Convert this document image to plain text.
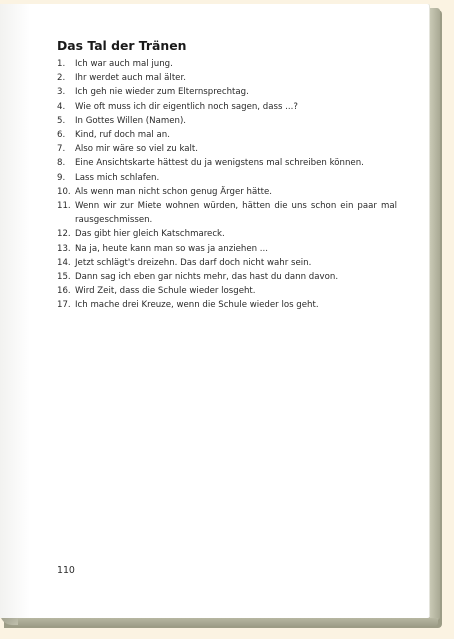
Das Tal der Tränen
1.	Ich war auch mal jung.
2.	Ihr werdet auch mal älter.
3.	Ich geh nie wieder zum Elternsprechtag.
4.	Wie oft muss ich dir eigentlich noch sagen, dass ...?
5.	In Gottes Willen (Namen).
6.	Kind, ruf doch mal an.
7.	Also mir wäre so viel zu kalt.
8.	Eine Ansichtskarte hättest du ja wenigstens mal schreiben können.
9.	Lass mich schlafen.
10. Als wenn man nicht schon genug Ärger hätte.
11. Wenn wir zur Miete wohnen würden, hätten die uns schon ein paar mal rausgeschmissen.
12. Das gibt hier gleich Katschmareck.
13. Na ja, heute kann man so was ja anziehen ...
14. Jetzt schlägt's dreizehn. Das darf doch nicht wahr sein.
15. Dann sag ich eben gar nichts mehr, das hast du dann davon.
16. Wird Zeit, dass die Schule wieder losgeht.
17. Ich mache drei Kreuze, wenn die Schule wieder los geht.
110
